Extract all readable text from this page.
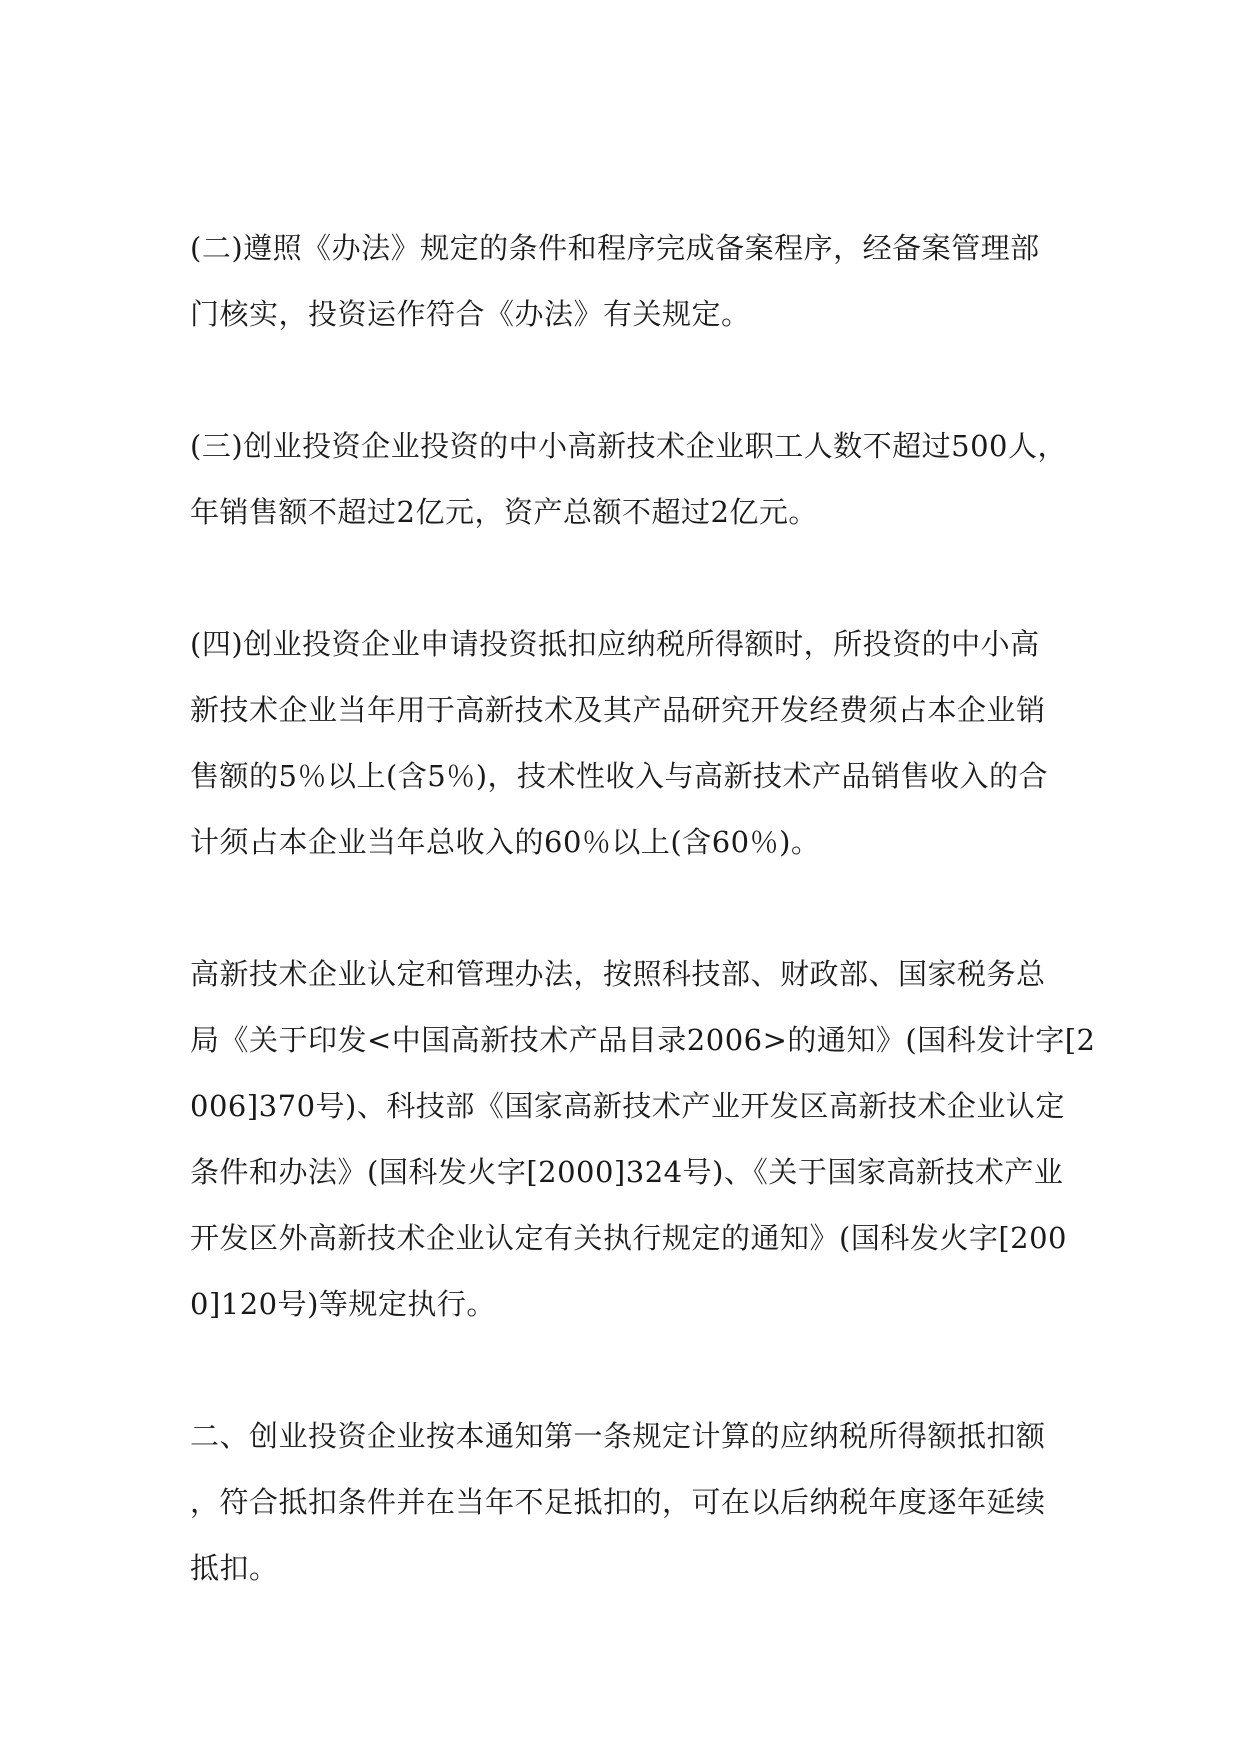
(二)遵照《办法》规定的条件和程序完成备案程序，经备案管理部
门核实，投资运作符合《办法》有关规定。
(三)创业投资企业投资的中小高新技术企业职工人数不超过500人，
年销售额不超过2亿元，资产总额不超过2亿元。
(四)创业投资企业申请投资抵扣应纳税所得额时，所投资的中小高
新技术企业当年用于高新技术及其产品研究开发经费须占本企业销
售额的5％以上(含5％)，技术性收入与高新技术产品销售收入的合
计须占本企业当年总收入的60％以上(含60％)。
高新技术企业认定和管理办法，按照科技部、财政部、国家税务总
局《关于印发<中国高新技术产品目录2006>的通知》(国科发计字[2
006]370号)、科技部《国家高新技术产业开发区高新技术企业认定
条件和办法》(国科发火字[2000]324号)、《关于国家高新技术产业
开发区外高新技术企业认定有关执行规定的通知》(国科发火字[200
0]120号)等规定执行。
二、创业投资企业按本通知第一条规定计算的应纳税所得额抵扣额
，符合抵扣条件并在当年不足抵扣的，可在以后纳税年度逐年延续
抵扣。
